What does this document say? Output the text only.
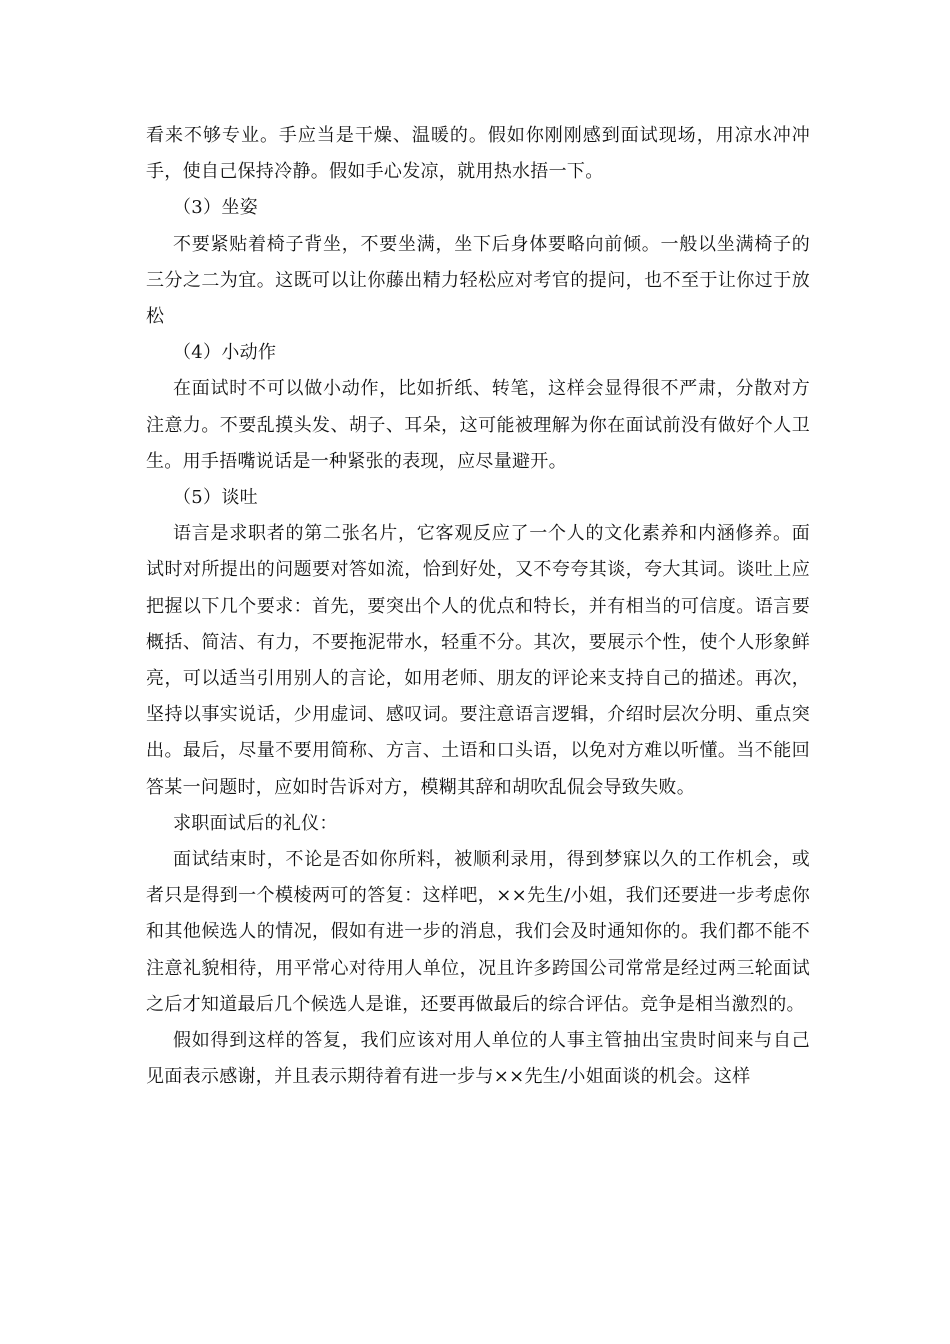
看来不够专业。手应当是干燥、温暖的。假如你刚刚感到面试现场，用凉水冲冲手，使自己保持冷静。假如手心发凉，就用热水捂一下。

（3）坐姿

不要紧贴着椅子背坐，不要坐满，坐下后身体要略向前倾。一般以坐满椅子的三分之二为宜。这既可以让你藤出精力轻松应对考官的提问，也不至于让你过于放松

（4）小动作

在面试时不可以做小动作，比如折纸、转笔，这样会显得很不严肃，分散对方注意力。不要乱摸头发、胡子、耳朵，这可能被理解为你在面试前没有做好个人卫生。用手捂嘴说话是一种紧张的表现，应尽量避开。

（5）谈吐

语言是求职者的第二张名片，它客观反应了一个人的文化素养和内涵修养。面试时对所提出的问题要对答如流，恰到好处，又不夸夸其谈，夸大其词。谈吐上应把握以下几个要求：首先，要突出个人的优点和特长，并有相当的可信度。语言要概括、简洁、有力，不要拖泥带水，轻重不分。其次，要展示个性，使个人形象鲜亮，可以适当引用别人的言论，如用老师、朋友的评论来支持自己的描述。再次，坚持以事实说话，少用虚词、感叹词。要注意语言逻辑，介绍时层次分明、重点突出。最后，尽量不要用简称、方言、土语和口头语，以免对方难以听懂。当不能回答某一问题时，应如时告诉对方，模糊其辞和胡吹乱侃会导致失败。

求职面试后的礼仪：

面试结束时，不论是否如你所料，被顺利录用，得到梦寐以久的工作机会，或者只是得到一个模棱两可的答复：这样吧，××先生/小姐，我们还要进一步考虑你和其他候选人的情况，假如有进一步的消息，我们会及时通知你的。我们都不能不注意礼貌相待，用平常心对待用人单位，况且许多跨国公司常常是经过两三轮面试之后才知道最后几个候选人是谁，还要再做最后的综合评估。竞争是相当激烈的。

假如得到这样的答复，我们应该对用人单位的人事主管抽出宝贵时间来与自己见面表示感谢，并且表示期待着有进一步与××先生/小姐面谈的机会。这样
